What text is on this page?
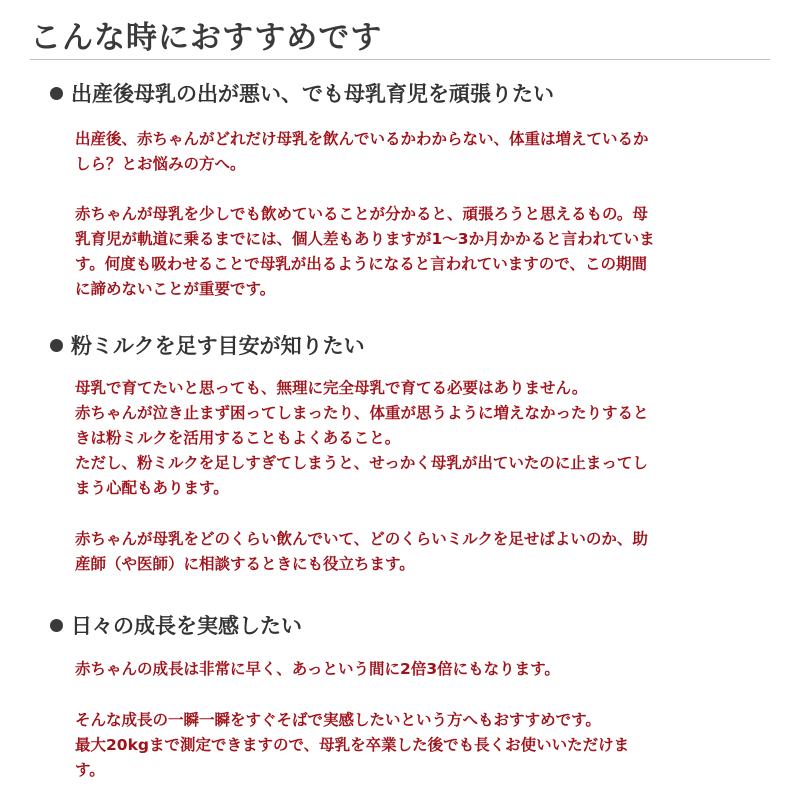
こんな時におすすめです
出産後母乳の出が悪い、でも母乳育児を頑張りたい

出産後、赤ちゃんがどれだけ母乳を飲んでいるかわからない、体重は増えているか
しら？とお悩みの方へ。

赤ちゃんが母乳を少しでも飲めていることが分かると、頑張ろうと思えるもの。母
乳育児が軌道に乗るまでには、個人差もありますが1～3か月かかると言われていま
す。何度も吸わせることで母乳が出るようになると言われていますので、この期間
に諦めないことが重要です。

粉ミルクを足す目安が知りたい

母乳で育てたいと思っても、無理に完全母乳で育てる必要はありません。
赤ちゃんが泣き止まず困ってしまったり、体重が思うように増えなかったりすると
きは粉ミルクを活用することもよくあること。
ただし、粉ミルクを足しすぎてしまうと、せっかく母乳が出ていたのに止まってし
まう心配もあります。

赤ちゃんが母乳をどのくらい飲んでいて、どのくらいミルクを足せばよいのか、助
産師（や医師）に相談するときにも役立ちます。

日々の成長を実感したい

赤ちゃんの成長は非常に早く、あっという間に2倍3倍にもなります。

そんな成長の一瞬一瞬をすぐそばで実感したいという方へもおすすめです。
最大20kgまで測定できますので、母乳を卒業した後でも長くお使いいただけま
す。
